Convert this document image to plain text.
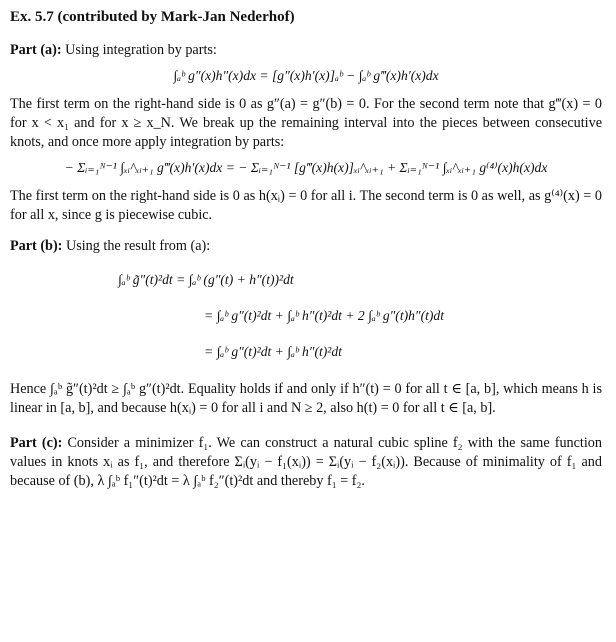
Ex. 5.7 (contributed by Mark-Jan Nederhof)
Part (a): Using integration by parts:
∫ₐᵇ g″(x)h″(x)dx = [g″(x)h′(x)]ₐᵇ − ∫ₐᵇ g‴(x)h′(x)dx

The first term on the right-hand side is 0 as g″(a) = g″(b) = 0. For the second term note that g‴(x) = 0 for x < x₁ and for x ≥ x_N. We break up the remaining interval into the pieces between consecutive knots, and once more apply integration by parts:

− Σᵢ₌₁ᴺ⁻¹ ∫ₓᵢ^ₓᵢ₊₁ g‴(x)h′(x)dx = − Σᵢ₌₁ᴺ⁻¹ [g‴(x)h(x)]ₓᵢ^ₓᵢ₊₁ + Σᵢ₌₁ᴺ⁻¹ ∫ₓᵢ^ₓᵢ₊₁ g⁽⁴⁾(x)h(x)dx

The first term on the right-hand side is 0 as h(xᵢ) = 0 for all i. The second term is 0 as well, as g⁽⁴⁾(x) = 0 for all x, since g is piecewise cubic.

Part (b): Using the result from (a):
∫ₐᵇ g̃″(t)²dt = ∫ₐᵇ (g″(t) + h″(t))²dt
= ∫ₐᵇ g″(t)²dt + ∫ₐᵇ h″(t)²dt + 2 ∫ₐᵇ g″(t)h″(t)dt
= ∫ₐᵇ g″(t)²dt + ∫ₐᵇ h″(t)²dt

Hence ∫ₐᵇ g̃″(t)²dt ≥ ∫ₐᵇ g″(t)²dt. Equality holds if and only if h″(t) = 0 for all t ∈ [a, b], which means h is linear in [a, b], and because h(xᵢ) = 0 for all i and N ≥ 2, also h(t) = 0 for all t ∈ [a, b].

Part (c): Consider a minimizer f₁. We can construct a natural cubic spline f₂ with the same function values in knots xᵢ as f₁, and therefore Σᵢ(yᵢ − f₁(xᵢ)) = Σᵢ(yᵢ − f₂(xᵢ)). Because of minimality of f₁ and because of (b), λ ∫ₐᵇ f₁″(t)²dt = λ ∫ₐᵇ f₂″(t)²dt and thereby f₁ = f₂.
